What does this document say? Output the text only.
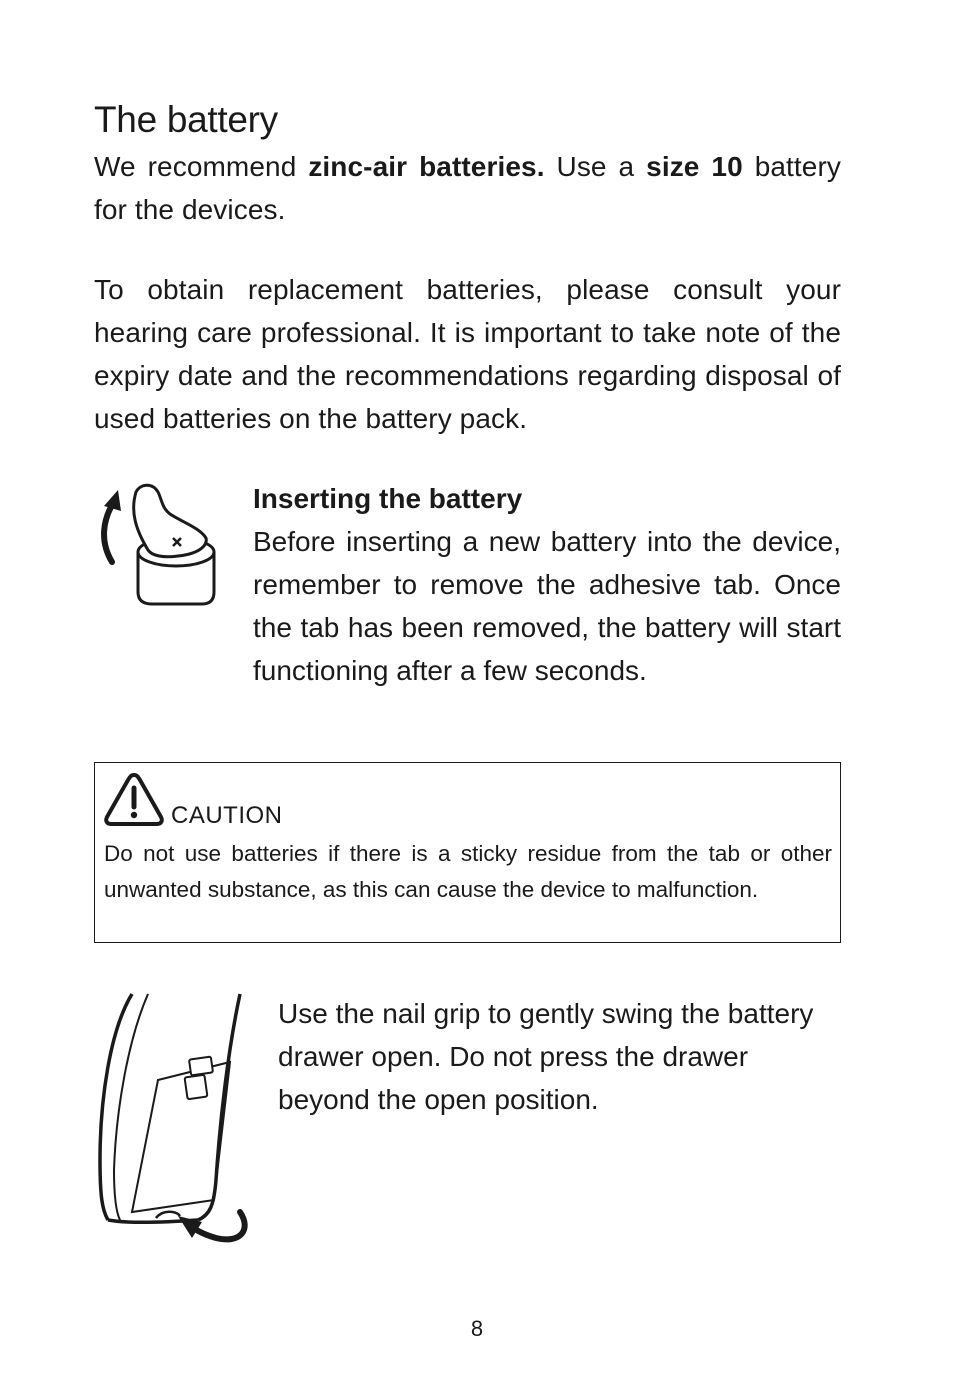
The battery

We recommend zinc-air batteries. Use a size 10 battery for the devices.

To obtain replacement batteries, please consult your hearing care professional. It is important to take note of the expiry date and the recommendations regarding disposal of used batteries on the battery pack.

Inserting the battery

Before inserting a new battery into the device, remember to remove the adhesive tab. Once the tab has been removed, the battery will start functioning after a few seconds.

CAUTION

Do not use batteries if there is a sticky residue from the tab or other unwanted substance, as this can cause the device to malfunction.

Use the nail grip to gently swing the battery drawer open. Do not press the drawer beyond the open position.

8
